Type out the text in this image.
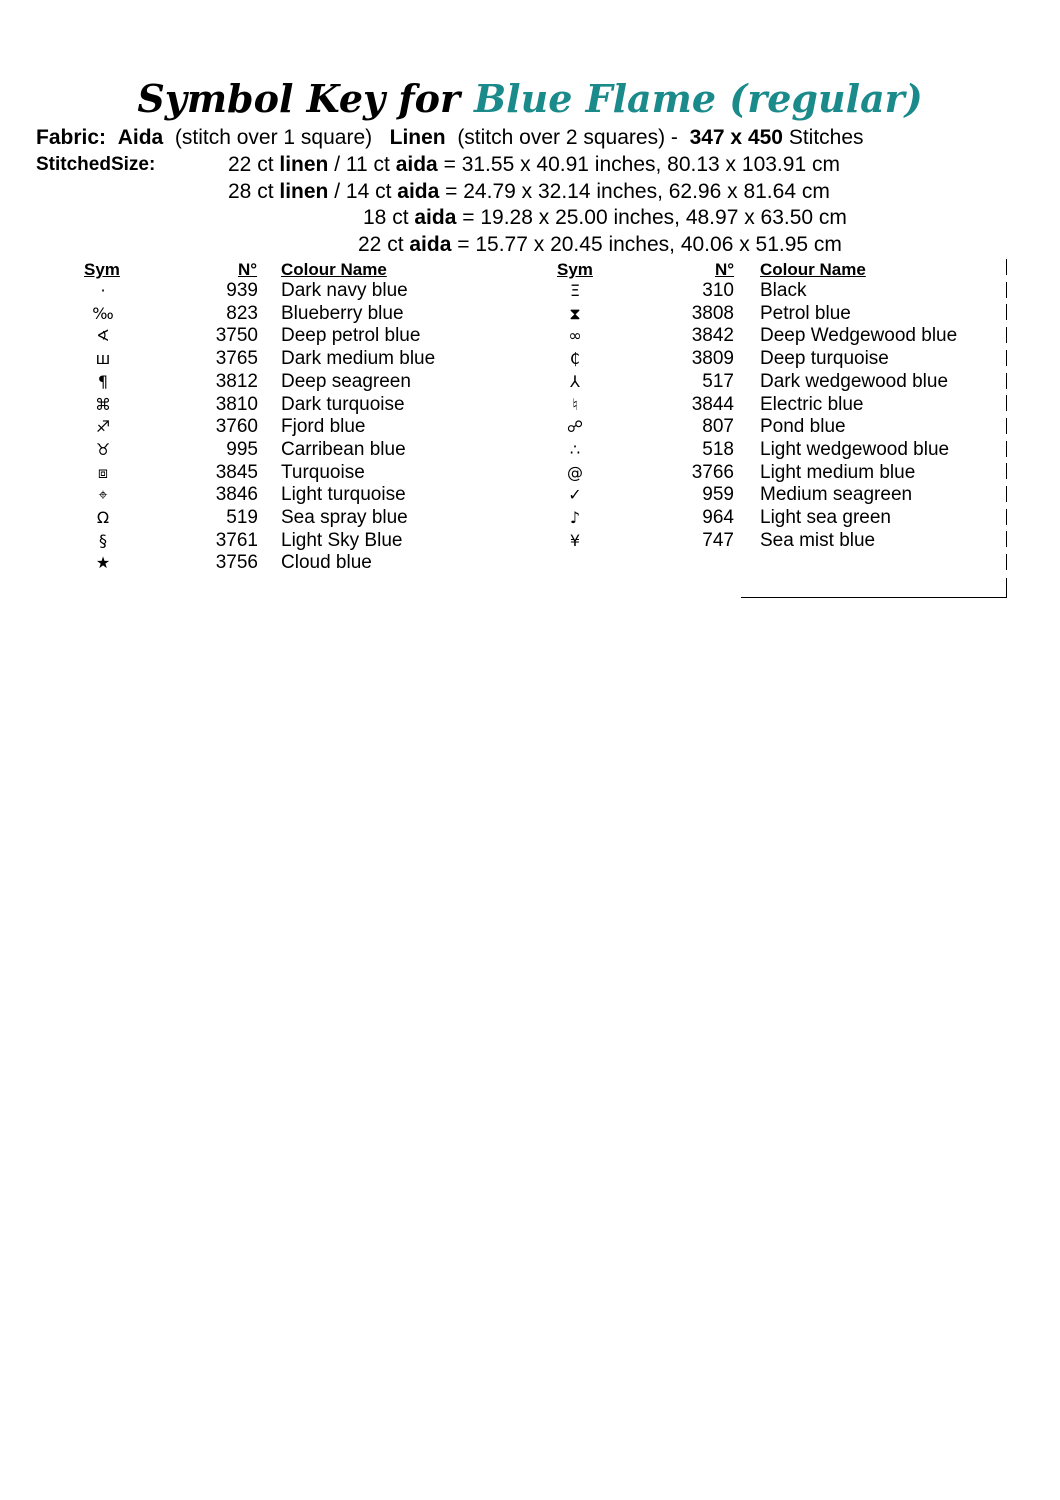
Symbol Key for Blue Flame (regular)
Fabric: Aida (stitch over 1 square) Linen (stitch over 2 squares) - 347 x 450 Stitches
StitchedSize:	22 ct linen / 11 ct aida = 31.55 x 40.91 inches, 80.13 x 103.91 cm
28 ct linen / 14 ct aida = 24.79 x 32.14 inches, 62.96 x 81.64 cm
18 ct aida = 19.28 x 25.00 inches, 48.97 x 63.50 cm
22 ct aida = 15.77 x 20.45 inches, 40.06 x 51.95 cm
Sym	N° Colour Name	Sym	N° Colour Name
·	939 Dark navy blue
‰	823 Blueberry blue
∢	3750 Deep petrol blue
ш	3765 Dark medium blue
¶	3812 Deep seagreen
⌘	3810 Dark turquoise
♐	3760 Fjord blue
♉	995 Carribean blue
⧈	3845 Turquoise
⌖	3846 Light turquoise
Ω	519 Sea spray blue
§	3761 Light Sky Blue
★	3756 Cloud blue
Ξ	310 Black
⧗	3808 Petrol blue
∞	3842 Deep Wedgewood blue
₵	3809 Deep turquoise
⅄	517 Dark wedgewood blue
♮	3844 Electric blue
☍	807 Pond blue
∴	518 Light wedgewood blue
@	3766 Light medium blue
✓	959 Medium seagreen
♪	964 Light sea green
¥	747 Sea mist blue
